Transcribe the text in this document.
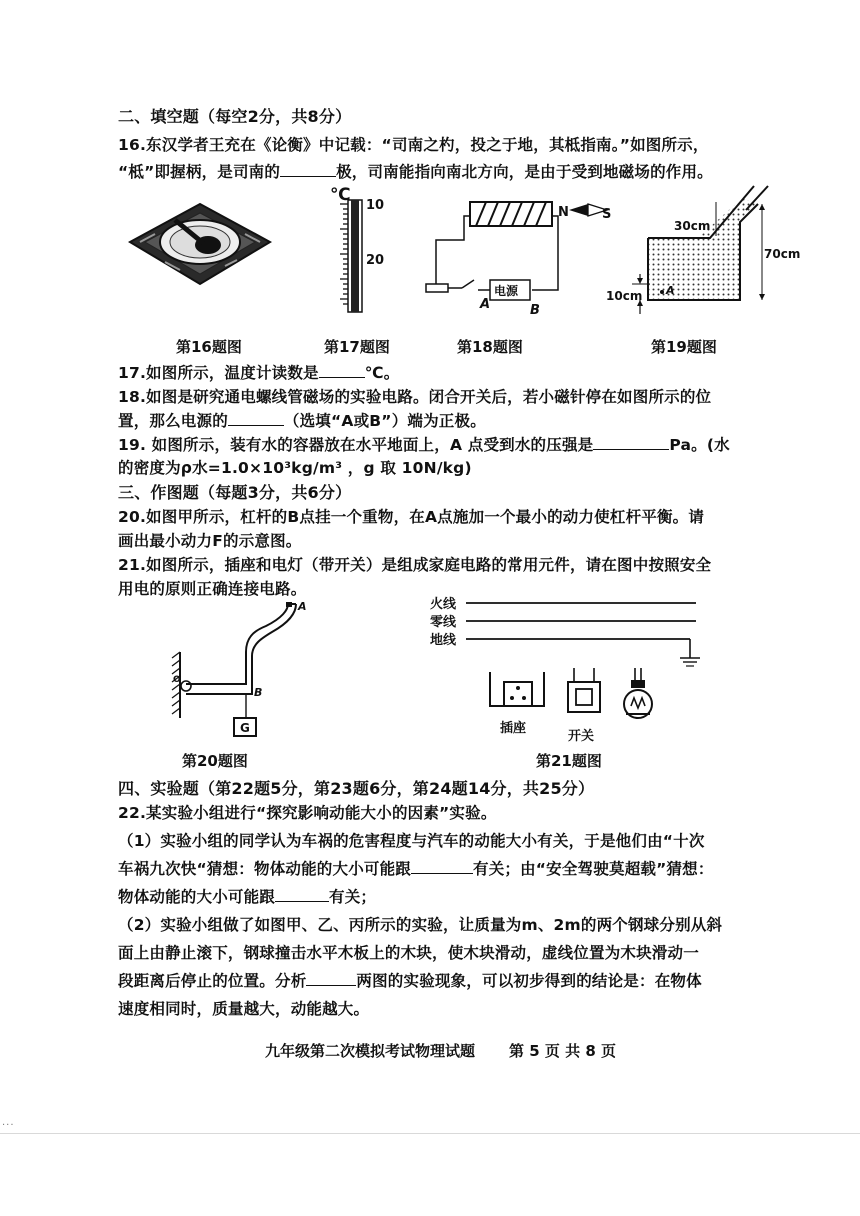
二、填空题（每空2分，共8分）
16.东汉学者王充在《论衡》中记载：“司南之杓，投之于地，其柢指南。”如图所示，
“柢”即握柄，是司南的	极，司南能指向南北方向，是由于受到地磁场的作用。
℃
10
20
电源
A	B
N	S
30cm
A
70cm
10cm
第16题图	第17题图	第18题图	第19题图
17.如图所示，温度计读数是	℃。
18.如图是研究通电螺线管磁场的实验电路。闭合开关后，若小磁针停在如图所示的位
置，那么电源的	（选填“A或B”）端为正极。
19. 如图所示，装有水的容器放在水平地面上，A 点受到水的压强是	Pa。(水
的密度为ρ水=1.0×10³kg/m³ ，g 取 10N/kg)
三、作图题（每题3分，共6分）
20.如图甲所示，杠杆的B点挂一个重物，在A点施加一个最小的动力使杠杆平衡。请
画出最小动力F的示意图。
21.如图所示，插座和电灯（带开关）是组成家庭电路的常用元件，请在图中按照安全
用电的原则正确连接电路。
A
B
O
G
第20题图
火线
零线
地线
插座
开关
第21题图
四、实验题（第22题5分，第23题6分，第24题14分，共25分）
22.某实验小组进行“探究影响动能大小的因素”实验。
（1）实验小组的同学认为车祸的危害程度与汽车的动能大小有关，于是他们由“十次
车祸九次快“猜想：物体动能的大小可能跟	有关；由“安全驾驶莫超载”猜想：
物体动能的大小可能跟	有关；
（2）实验小组做了如图甲、乙、丙所示的实验，让质量为m、2m的两个钢球分别从斜
面上由静止滚下，钢球撞击水平木板上的木块，使木块滑动，虚线位置为木块滑动一
段距离后停止的位置。分析	两图的实验现象，可以初步得到的结论是：在物体
速度相同时，质量越大，动能越大。
九年级第二次模拟考试物理试题 第 5 页 共 8 页
···
